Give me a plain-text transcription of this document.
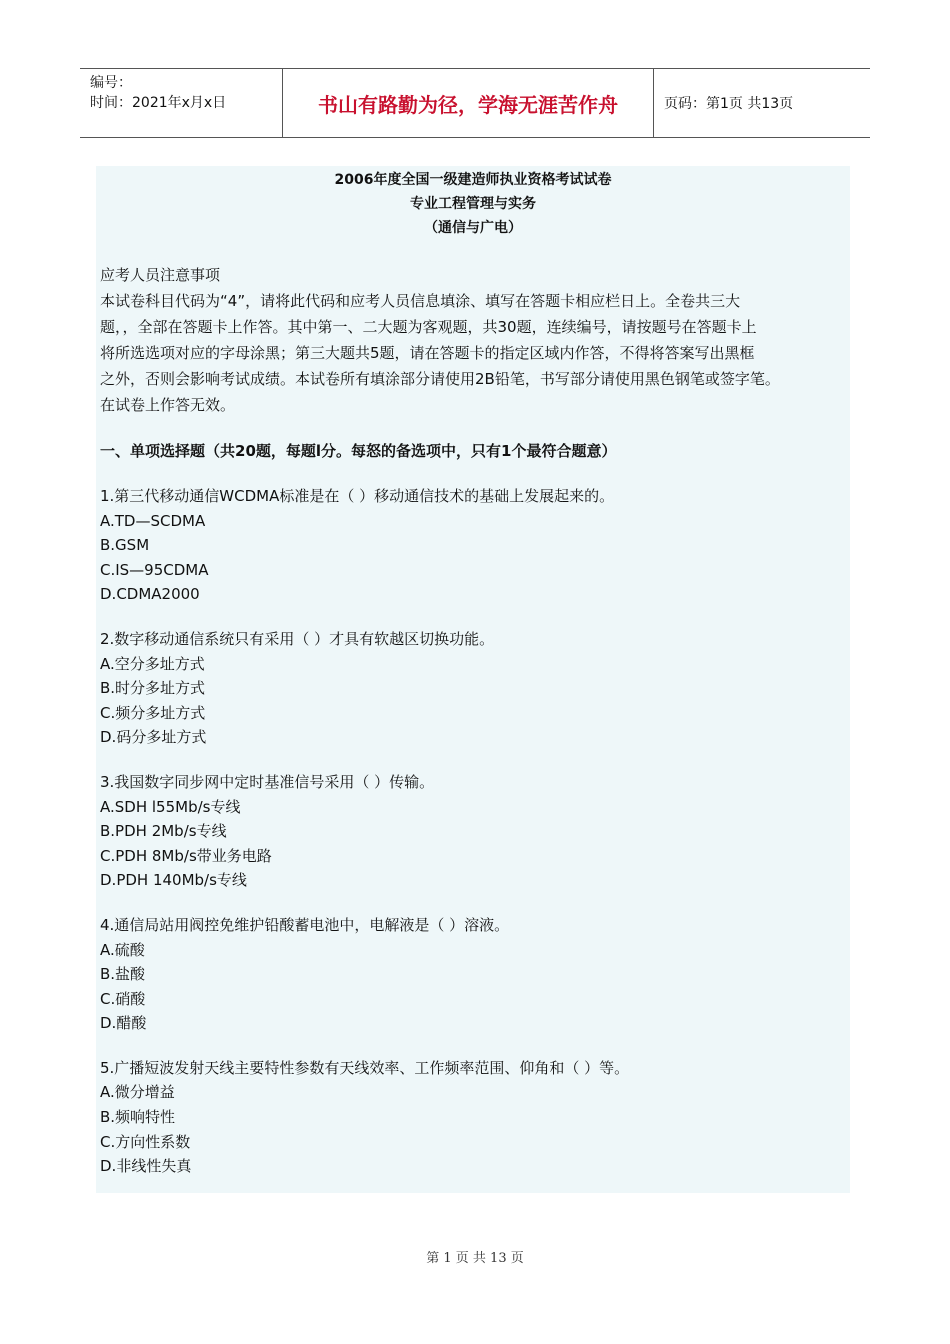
编号：
时间：2021年x月x日	书山有路勤为径，学海无涯苦作舟	页码：第1页 共13页
2006年度全国一级建造师执业资格考试试卷
专业工程管理与实务
（通信与广电）
应考人员注意事项
本试卷科目代码为“4”，请将此代码和应考人员信息填涂、填写在答题卡相应栏日上。全卷共三大
题，，全部在答题卡上作答。其中第一、二大题为客观题，共30题，连续编号，请按题号在答题卡上
将所选选项对应的字母涂黑；第三大题共5题，请在答题卡的指定区域内作答，不得将答案写出黑框
之外，否则会影响考试成绩。本试卷所有填涂部分请使用2B铅笔，书写部分请使用黑色钢笔或签字笔。
在试卷上作答无效。
一、单项选择题（共20题，每题l分。每怒的备选项中，只有1个最符合题意）
1.第三代移动通信WCDMA标准是在（ ）移动通信技术的基础上发展起来的。
A.TD—SCDMA
B.GSM
C.IS—95CDMA
D.CDMA2000
2.数字移动通信系统只有采用（ ）才具有软越区切换功能。
A.空分多址方式
B.时分多址方式
C.频分多址方式
D.码分多址方式
3.我国数字同步网中定时基准信号采用（ ）传输。
A.SDH l55Mb/s专线
B.PDH 2Mb/s专线
C.PDH 8Mb/s带业务电路
D.PDH 140Mb/s专线
4.通信局站用阀控免维护铅酸蓄电池中，电解液是（ ）溶液。
A.硫酸
B.盐酸
C.硝酸
D.醋酸
5.广播短波发射天线主要特性参数有天线效率、工作频率范围、仰角和（ ）等。
A.微分增益
B.频响特性
C.方向性系数
D.非线性失真
第 1 页 共 13 页
